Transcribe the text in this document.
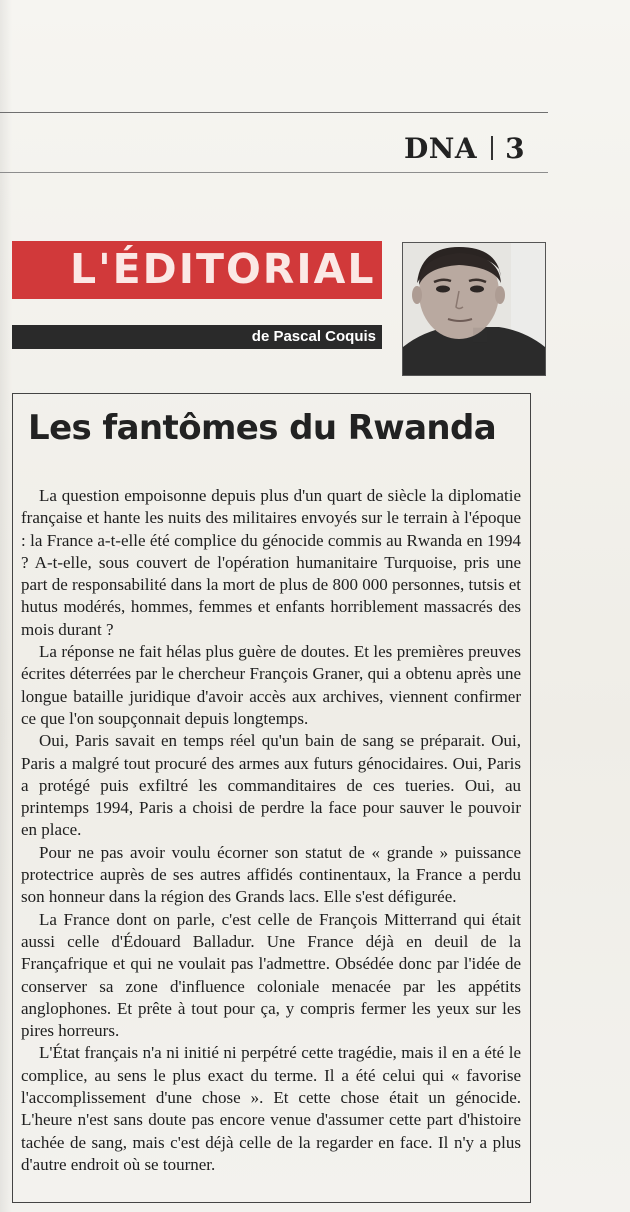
DNA 3
L'ÉDITORIAL
de Pascal Coquis ▪
Les fantômes du Rwanda

La question empoisonne depuis plus d'un quart de siècle la diplomatie française et hante les nuits des militaires envoyés sur le terrain à l'époque : la France a-t-elle été complice du génocide commis au Rwanda en 1994 ? A-t-elle, sous couvert de l'opération humanitaire Turquoise, pris une part de responsabilité dans la mort de plus de 800 000 personnes, tutsis et hutus modérés, hommes, femmes et enfants horriblement massacrés des mois durant ?

La réponse ne fait hélas plus guère de doutes. Et les premières preuves écrites déterrées par le chercheur François Graner, qui a obtenu après une longue bataille juridique d'avoir accès aux archives, viennent confirmer ce que l'on soupçonnait depuis longtemps.

Oui, Paris savait en temps réel qu'un bain de sang se préparait. Oui, Paris a malgré tout procuré des armes aux futurs génocidaires. Oui, Paris a protégé puis exfiltré les commanditaires de ces tueries. Oui, au printemps 1994, Paris a choisi de perdre la face pour sauver le pouvoir en place.

Pour ne pas avoir voulu écorner son statut de « grande » puissance protectrice auprès de ses autres affidés continentaux, la France a perdu son honneur dans la région des Grands lacs. Elle s'est défigurée.

La France dont on parle, c'est celle de François Mitterrand qui était aussi celle d'Édouard Balladur. Une France déjà en deuil de la Françafrique et qui ne voulait pas l'admettre. Obsédée donc par l'idée de conserver sa zone d'influence coloniale menacée par les appétits anglophones. Et prête à tout pour ça, y compris fermer les yeux sur les pires horreurs.

L'État français n'a ni initié ni perpétré cette tragédie, mais il en a été le complice, au sens le plus exact du terme. Il a été celui qui « favorise l'accomplissement d'une chose ». Et cette chose était un génocide. L'heure n'est sans doute pas encore venue d'assumer cette part d'histoire tachée de sang, mais c'est déjà celle de la regarder en face. Il n'y a plus d'autre endroit où se tourner.
